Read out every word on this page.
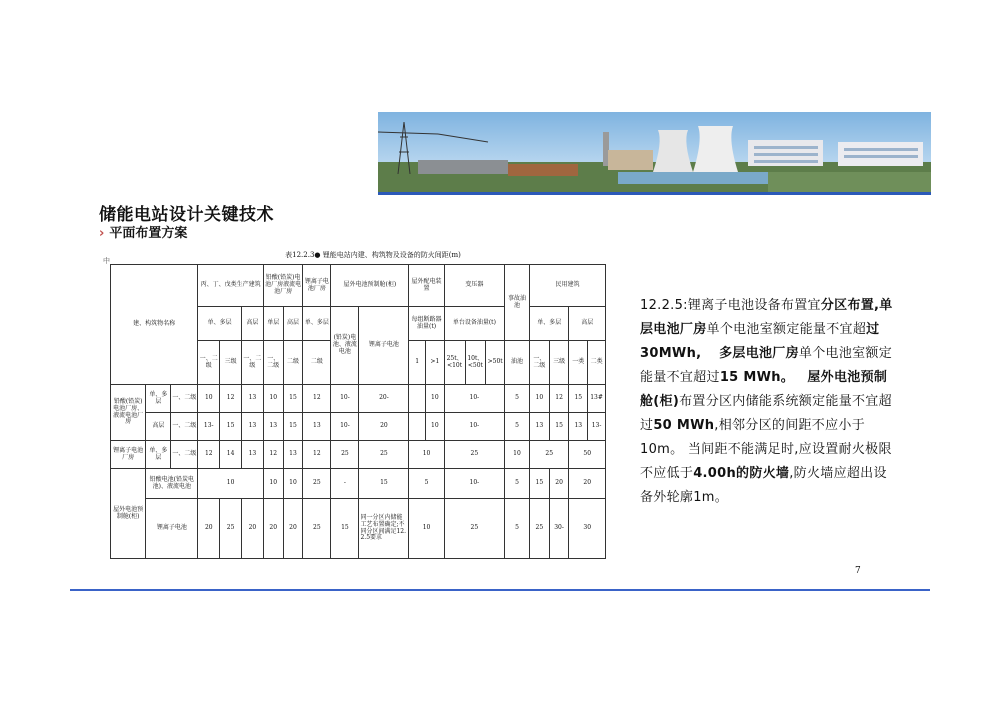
储能电站设计关键技术
› 平面布置方案
中
表12.2.3● 锂能电站内建、构筑物及设备的防火间距(m)
建、构筑物名称			丙、丁、戊类生产建筑			铅酸(铅炭)电池厂房液流电池厂房		锂离子电池厂房	屋外电池预制舱(柜)		屋外配电装置		变压器			事故油池	民用建筑			
			单、多层		高层	单层	高层	单、多层	(铅炭)电池、液流电池	锂离子电池	每组断路器油量(t)		单台设备油量(t)				单、多层		高层	
			一、二级	三级	一、二级	一、二级	二级	二级			1	>1	25t、<10t	10t、<50t	>50t	油池	一、二级	三级	一类	二类
铅酸(铅炭)电池厂房、液流电池厂房	单、多层	一、二级	10	12	13	10	15	12	10-	20-		10	10-			5	10	12	15	13#
	高层	一、二级	13-	15	13	13	15	13	10-	20		10	10-			5	13	15	13	13-
锂离子电池厂房	单、多层	一、二级	12	14	13	12	13	12	25	25	10		25			10	25		50	
屋外电池预制舱(柜)	铅酸电池(铅炭电池)、液流电池		10			10	10	25	-	15	5		10-			5	15	20	20	
	锂离子电池		20	25	20	20	20	25	15	同一分区内储能工艺布置确定;不同分区间满足12.2.5要求	10		25			5	25	30-	30	
12.2.5:锂离子电池设备布置宜分区布置,单层电池厂房单个电池室额定能量不宜超过30MWh, 多层电池厂房单个电池室额定能量不宜超过15 MWh。 屋外电池预制舱(柜)布置分区内储能系统额定能量不宜超过50 MWh,相邻分区的间距不应小于10m。 当间距不能满足时,应设置耐火极限不应低于4.00h的防火墙,防火墙应超出设备外轮廓1m。
7
